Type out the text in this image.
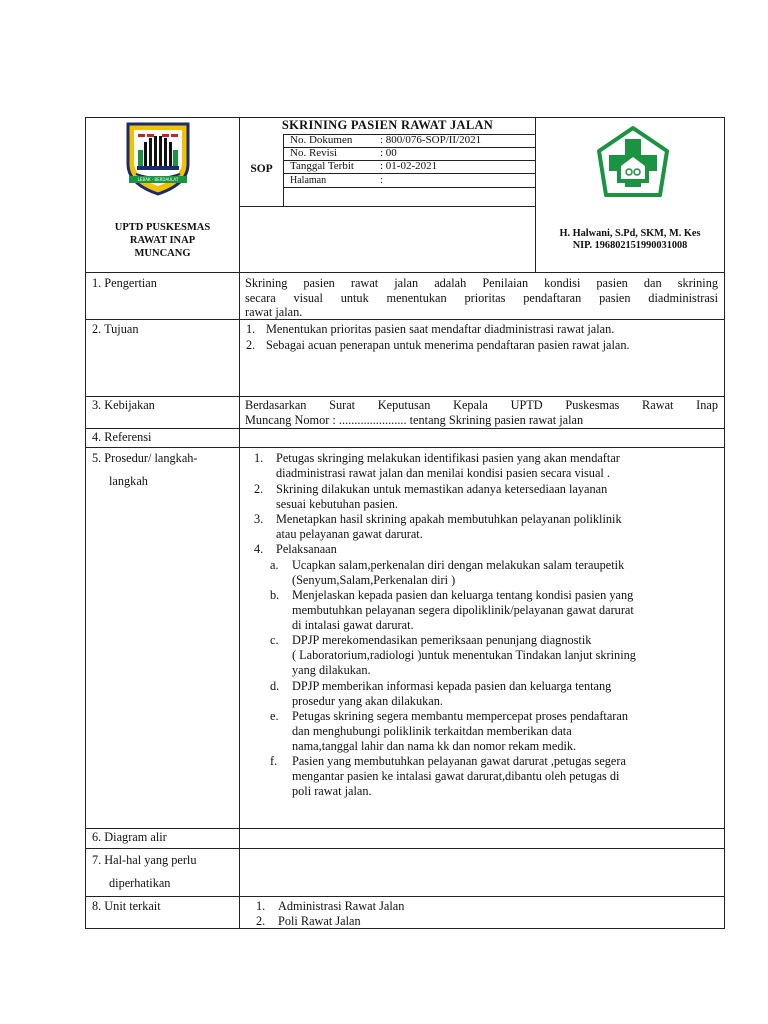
LEBAK · BERDAULAT
UPTD PUSKESMAS
RAWAT INAP
MUNCANG
SKRINING PASIEN RAWAT JALAN
SOP
No. Dokumen	: 800/076-SOP/II/2021
No. Revisi	: 00
Tanggal Terbit : 01-02-2021
Halaman	:
H. Halwani, S.Pd, SKM, M. Kes
NIP. 196802151990031008
1. Pengertian	Skrining pasien rawat jalan adalah Penilaian kondisi pasien dan skrining
secara visual untuk menentukan prioritas pendaftaran pasien diadministrasi
rawat jalan.
2. Tujuan	1. Menentukan prioritas pasien saat mendaftar diadministrasi rawat jalan.
2. Sebagai acuan penerapan untuk menerima pendaftaran pasien rawat jalan.
3. Kebijakan	Berdasarkan Surat Keputusan Kepala UPTD Puskesmas Rawat Inap
Muncang Nomor : ...................... tentang Skrining pasien rawat jalan
4. Referensi
5. Prosedur/ langkah-
langkah
1. Petugas skringing melakukan identifikasi pasien yang akan mendaftar
diadministrasi rawat jalan dan menilai kondisi pasien secara visual .
2. Skrining dilakukan untuk memastikan adanya ketersediaan layanan
sesuai kebutuhan pasien.
3. Menetapkan hasil skrining apakah membutuhkan pelayanan poliklinik
atau pelayanan gawat darurat.
4. Pelaksanaan
a. Ucapkan salam,perkenalan diri dengan melakukan salam teraupetik
(Senyum,Salam,Perkenalan diri )
b. Menjelaskan kepada pasien dan keluarga tentang kondisi pasien yang
membutuhkan pelayanan segera dipoliklinik/pelayanan gawat darurat
di intalasi gawat darurat.
c. DPJP merekomendasikan pemeriksaan penunjang diagnostik
( Laboratorium,radiologi )untuk menentukan Tindakan lanjut skrining
yang dilakukan.
d. DPJP memberikan informasi kepada pasien dan keluarga tentang
prosedur yang akan dilakukan.
e. Petugas skrining segera membantu mempercepat proses pendaftaran
dan menghubungi poliklinik terkaitdan memberikan data
nama,tanggal lahir dan nama kk dan nomor rekam medik.
f. Pasien yang membutuhkan pelayanan gawat darurat ,petugas segera
mengantar pasien ke intalasi gawat darurat,dibantu oleh petugas di
poli rawat jalan.
6. Diagram alir
7. Hal-hal yang perlu
diperhatikan
8. Unit terkait	1. Administrasi Rawat Jalan
2. Poli Rawat Jalan
